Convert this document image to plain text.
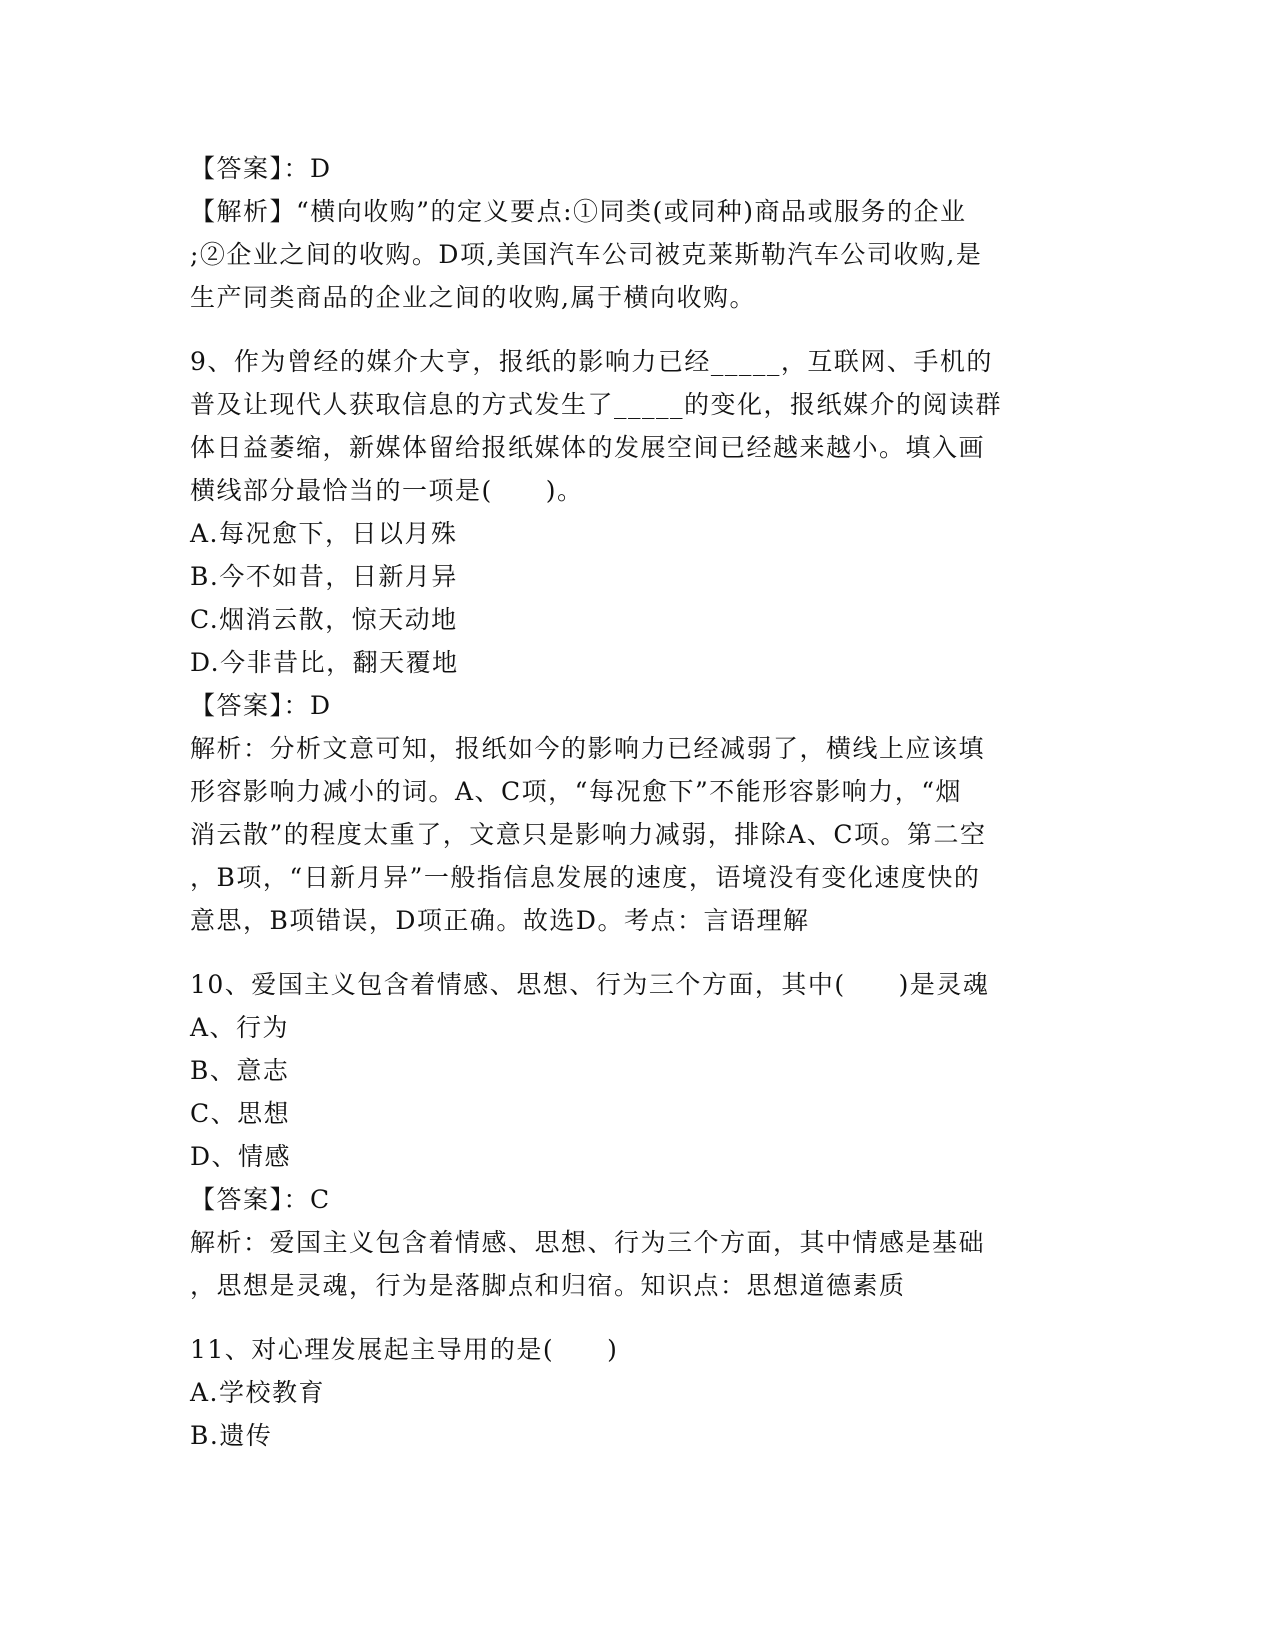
【答案】：D
【解析】“横向收购”的定义要点:①同类(或同种)商品或服务的企业
;②企业之间的收购。D项,美国汽车公司被克莱斯勒汽车公司收购,是
生产同类商品的企业之间的收购,属于横向收购。
9、作为曾经的媒介大亨，报纸的影响力已经_____，互联网、手机的
普及让现代人获取信息的方式发生了_____的变化，报纸媒介的阅读群
体日益萎缩，新媒体留给报纸媒体的发展空间已经越来越小。填入画
横线部分最恰当的一项是(　　)。
A.每况愈下，日以月殊
B.今不如昔，日新月异
C.烟消云散，惊天动地
D.今非昔比，翻天覆地
【答案】：D
解析：分析文意可知，报纸如今的影响力已经减弱了，横线上应该填
形容影响力减小的词。A、C项，“每况愈下”不能形容影响力，“烟
消云散”的程度太重了，文意只是影响力减弱，排除A、C项。第二空
，B项，“日新月异”一般指信息发展的速度，语境没有变化速度快的
意思，B项错误，D项正确。故选D。考点：言语理解
10、爱国主义包含着情感、思想、行为三个方面，其中(　　)是灵魂
A、行为
B、意志
C、思想
D、情感
【答案】：C
解析：爱国主义包含着情感、思想、行为三个方面，其中情感是基础
，思想是灵魂，行为是落脚点和归宿。知识点：思想道德素质
11、对心理发展起主导用的是(　　)
A.学校教育
B.遗传
